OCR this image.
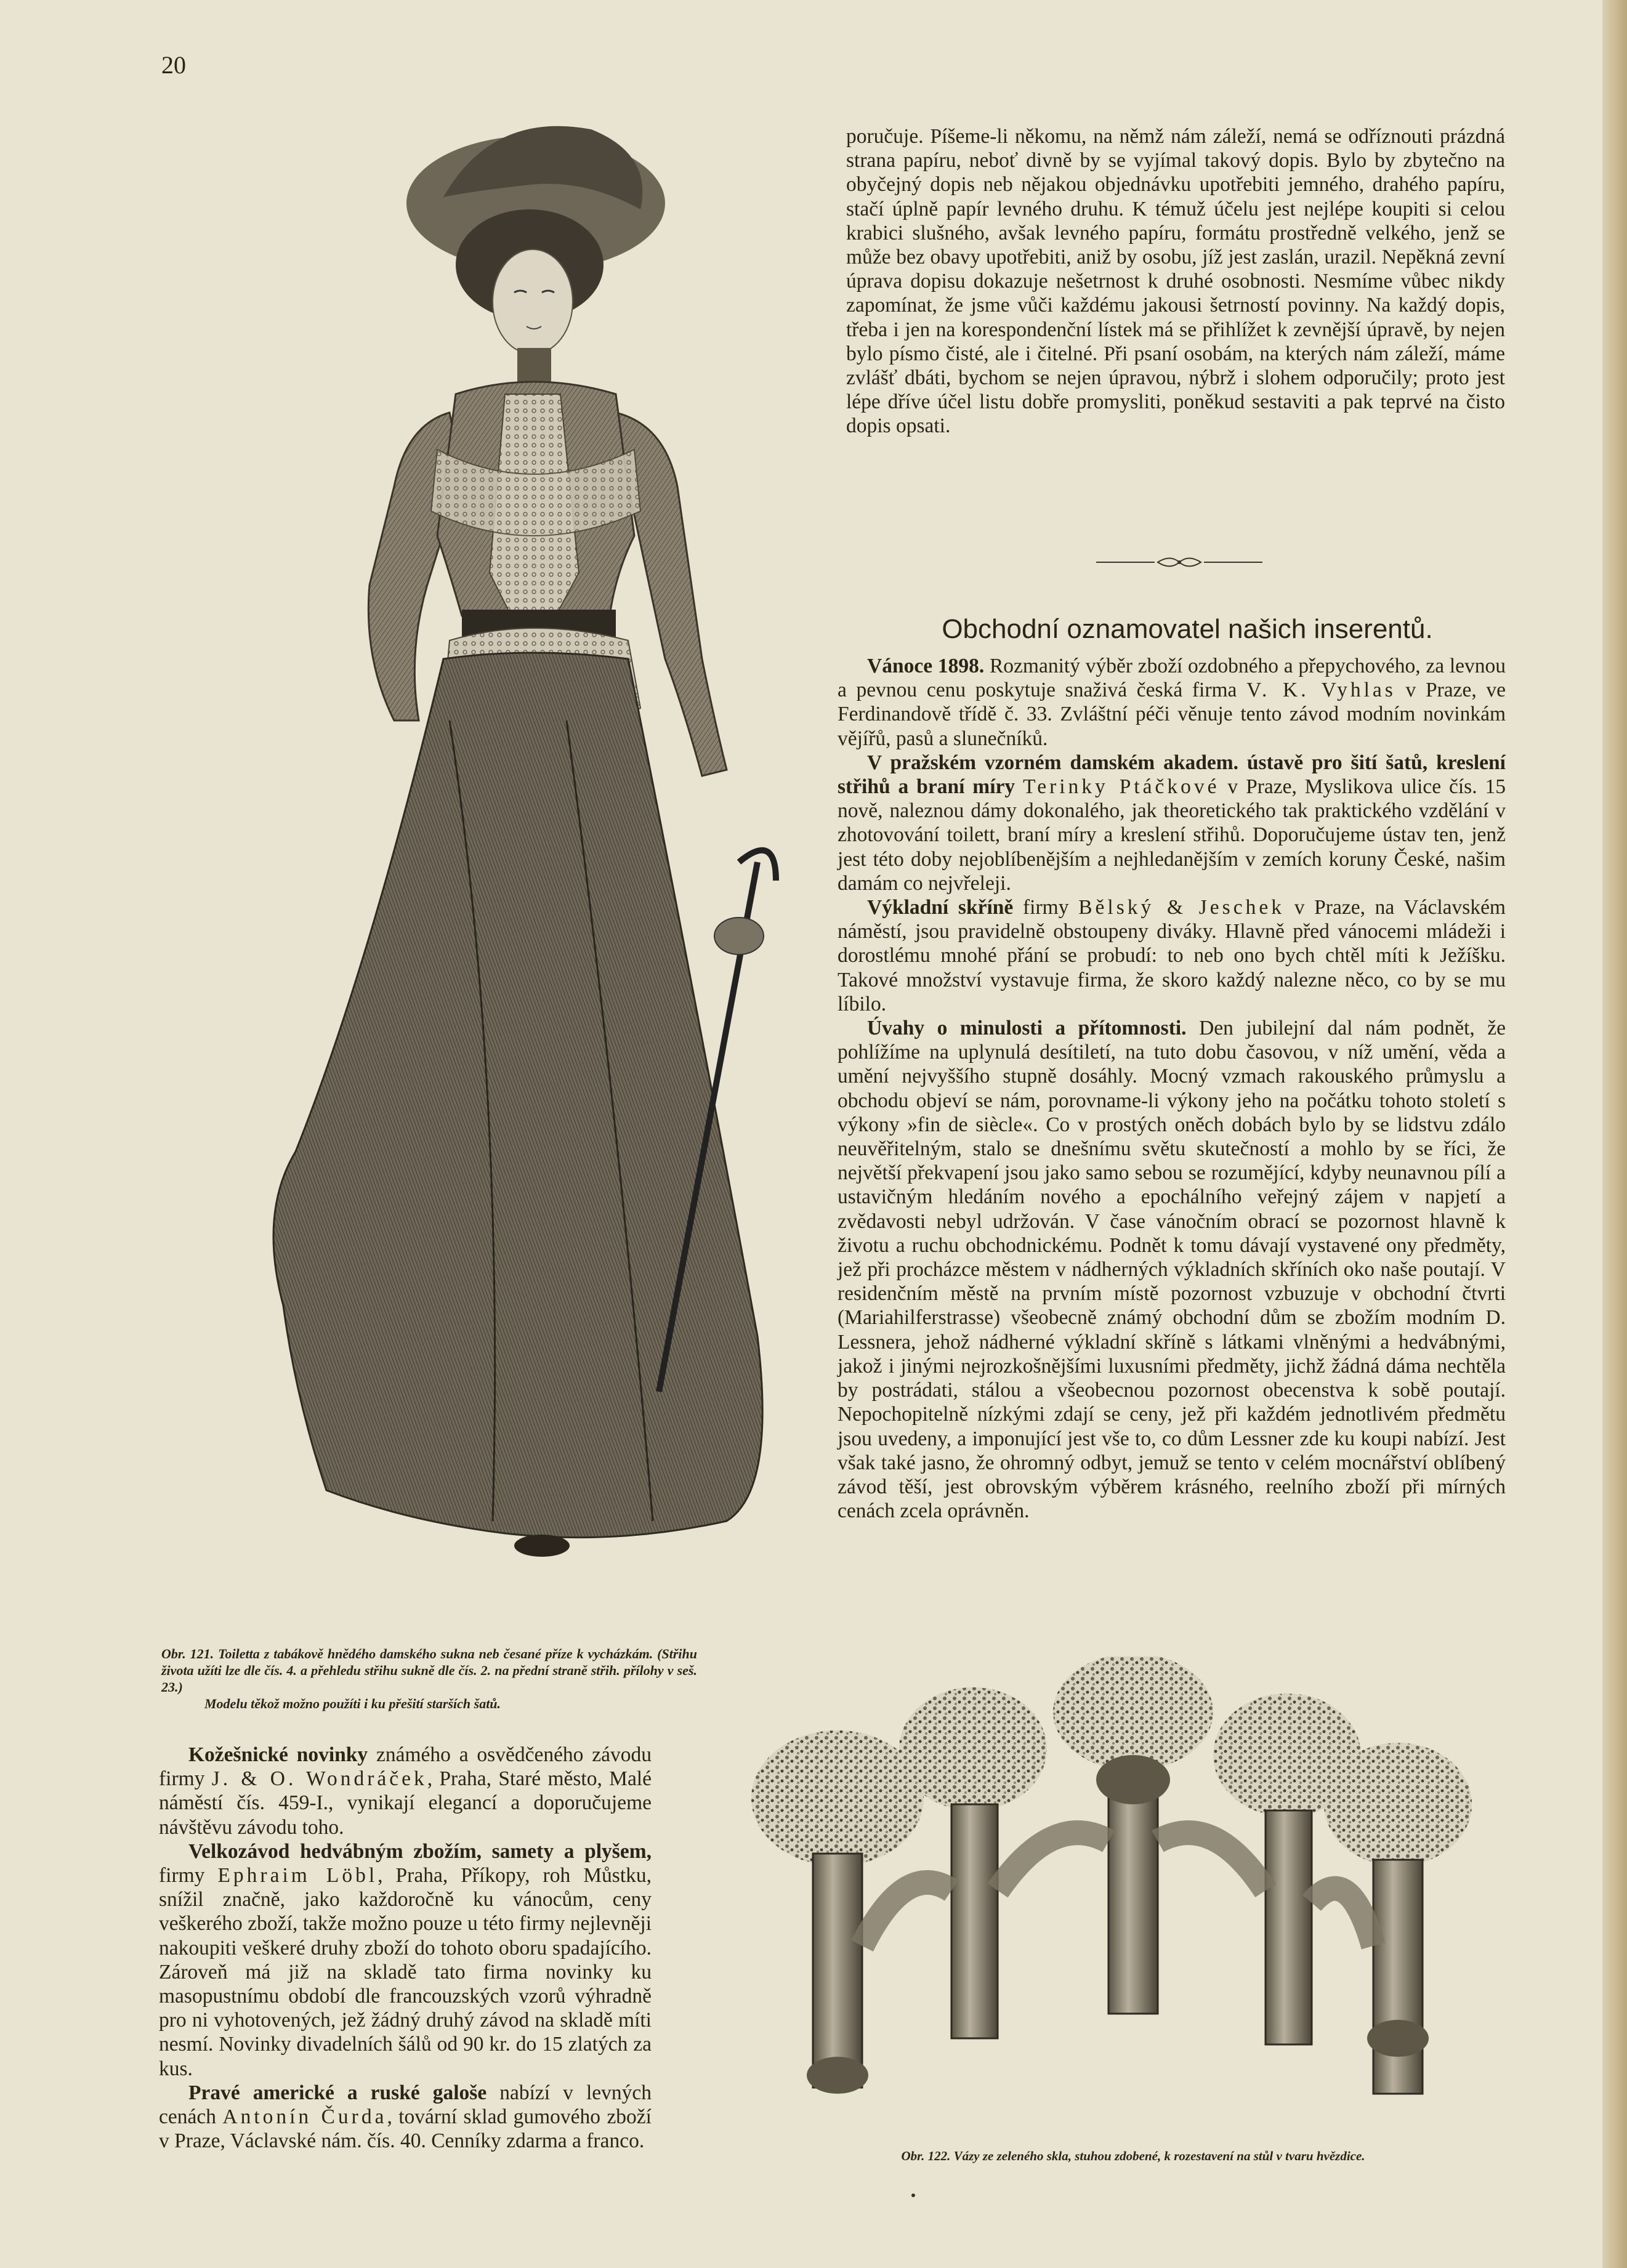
20

poručuje. Píšeme-li někomu, na němž nám záleží, nemá se odříznouti prázdná strana papíru, neboť divně by se vyjímal takový dopis. Bylo by zbytečno na obyčejný dopis neb nějakou objednávku upotřebiti jemného, drahého papíru, stačí úplně papír levného druhu. K témuž účelu jest nejlépe koupiti si celou krabici slušného, avšak levného papíru, formátu prostředně velkého, jenž se může bez obavy upotřebiti, aniž by osobu, jíž jest zaslán, urazil. Nepěkná zevní úprava dopisu dokazuje nešetrnost k druhé osobnosti. Nesmíme vůbec nikdy zapomínat, že jsme vůči každému jakousi šetrností povinny. Na každý dopis, třeba i jen na korespondenční lístek má se přihlížet k zevnější úpravě, by nejen bylo písmo čisté, ale i čitelné. Při psaní osobám, na kterých nám záleží, máme zvlášť dbáti, bychom se nejen úpravou, nýbrž i slohem odporučily; proto jest lépe dříve účel listu dobře promysliti, poněkud sestaviti a pak teprvé na čisto dopis opsati.

Obchodní oznamovatel našich inserentů.

Vánoce 1898. Rozmanitý výběr zboží ozdobného a přepychového, za levnou a pevnou cenu poskytuje snaživá česká firma V. K. Vyhlas v Praze, ve Ferdinandově třídě č. 33. Zvláštní péči věnuje tento závod modním novinkám vějířů, pasů a slunečníků.

V pražském vzorném damském akadem. ústavě pro šití šatů, kreslení střihů a braní míry Terinky Ptáčkové v Praze, Myslikova ulice čís. 15 nově, naleznou dámy dokonalého, jak theoretického tak praktického vzdělání v zhotovování toilett, braní míry a kreslení střihů. Doporučujeme ústav ten, jenž jest této doby nejoblíbenějším a nejhledanějším v zemích koruny České, našim damám co nejvřeleji.

Výkladní skříně firmy Bělský & Jeschek v Praze, na Václavském náměstí, jsou pravidelně obstoupeny diváky. Hlavně před vánocemi mládeži i dorostlému mnohé přání se probudí: to neb ono bych chtěl míti k Ježíšku. Takové množství vystavuje firma, že skoro každý nalezne něco, co by se mu líbilo.

Úvahy o minulosti a přítomnosti. Den jubilejní dal nám podnět, že pohlížíme na uplynulá desítiletí, na tuto dobu časovou, v níž umění, věda a umění nejvyššího stupně dosáhly. Mocný vzmach rakouského průmyslu a obchodu objeví se nám, porovname-li výkony jeho na počátku tohoto století s výkony »fin de siècle«. Co v prostých oněch dobách bylo by se lidstvu zdálo neuvěřitelným, stalo se dnešnímu světu skutečností a mohlo by se říci, že největší překvapení jsou jako samo sebou se rozumějící, kdyby neunavnou pílí a ustavičným hledáním nového a epochálního veřejný zájem v napjetí a zvědavosti nebyl udržován. V čase vánočním obrací se pozornost hlavně k životu a ruchu obchodnickému. Podnět k tomu dávají vystavené ony předměty, jež při procházce městem v nádherných výkladních skříních oko naše poutají. V residenčním městě na prvním místě pozornost vzbuzuje v obchodní čtvrti (Mariahilferstrasse) všeobecně známý obchodní dům se zbožím modním D. Lessnera, jehož nádherné výkladní skříně s látkami vlněnými a hedvábnými, jakož i jinými nejrozkošnějšími luxusními předměty, jichž žádná dáma nechtěla by postrádati, stálou a všeobecnou pozornost obecenstva k sobě poutají. Nepochopitelně nízkými zdají se ceny, jež při každém jednotlivém předmětu jsou uvedeny, a imponující jest vše to, co dům Lessner zde ku koupi nabízí. Jest však také jasno, že ohromný odbyt, jemuž se tento v celém mocnářství oblíbený závod těší, jest obrovským výběrem krásného, reelního zboží při mírných cenách zcela oprávněn.

Obr. 121. Toiletta z tabákově hnědého damského sukna neb česané příze k vycházkám. (Střihu života užíti lze dle čís. 4. a přehledu střihu sukně dle čís. 2. na přední straně střih. přílohy v seš. 23.)
Modelu těkož možno použíti i ku přešití starších šatů.

Kožešnické novinky známého a osvědčeného závodu firmy J. & O. Wondráček, Praha, Staré město, Malé náměstí čís. 459-I., vynikají elegancí a doporučujeme návštěvu závodu toho.

Velkozávod hedvábným zbožím, samety a plyšem, firmy Ephraim Löbl, Praha, Příkopy, roh Můstku, snížil značně, jako každoročně ku vánocům, ceny veškerého zboží, takže možno pouze u této firmy nejlevněji nakoupiti veškeré druhy zboží do tohoto oboru spadajícího. Zároveň má již na skladě tato firma novinky ku masopustnímu období dle francouzských vzorů výhradně pro ni vyhotovených, jež žádný druhý závod na skladě míti nesmí. Novinky divadelních šálů od 90 kr. do 15 zlatých za kus.

Pravé americké a ruské galoše nabízí v levných cenách Antonín Čurda, tovární sklad gumového zboží v Praze, Václavské nám. čís. 40. Cenníky zdarma a franco.

Obr. 122. Vázy ze zeleného skla, stuhou zdobené, k rozestavení na stůl v tvaru hvězdice.
